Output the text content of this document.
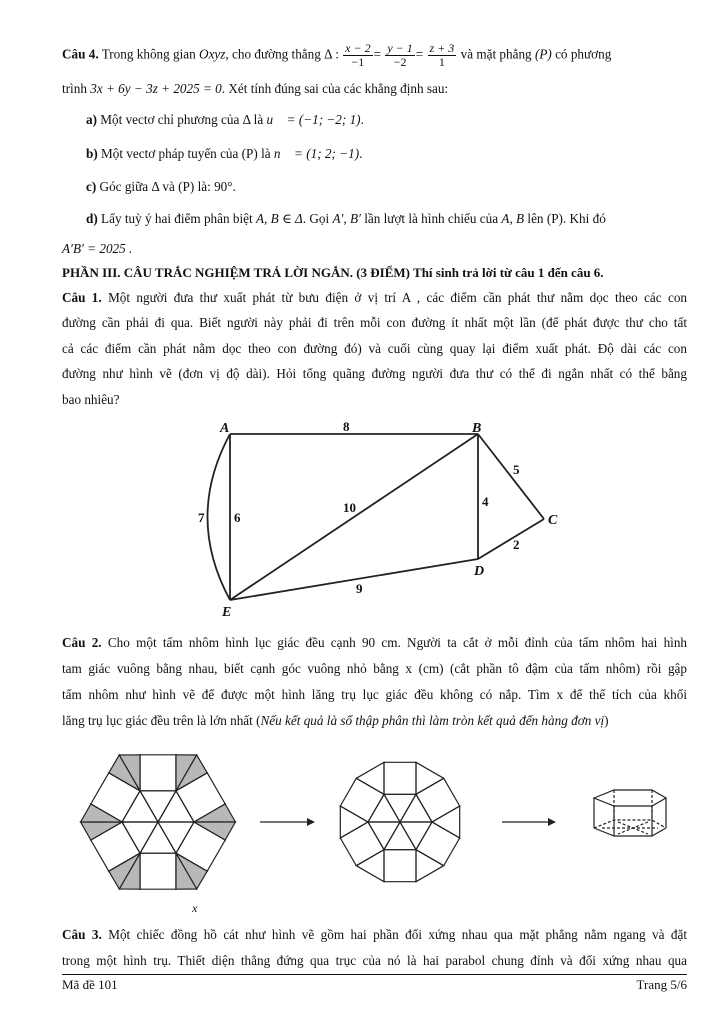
Câu 4. Trong không gian Oxyz, cho đường thẳng Δ : $\frac{x - 2}{-1} = \frac{y - 1}{-2} = \frac{z + 3}{1}$ và mặt phẳng (P) có phương
trình 3x + 6y − 3z + 2025 = 0. Xét tính đúng sai của các khẳng định sau:
a) Một vectơ chỉ phương của Δ là u⃗ = (−1; −2; 1).
b) Một vectơ pháp tuyến của (P) là n⃗ = (1; 2; −1).
c) Góc giữa Δ và (P) là: 90°.
d) Lấy tuỳ ý hai điểm phân biệt A, B ∈ Δ. Gọi A′, B′ lần lượt là hình chiếu của A, B lên (P). Khi đó
A′B′ = 2025 .
PHẦN III. CÂU TRẮC NGHIỆM TRẢ LỜI NGẮN. (3 ĐIỂM) Thí sinh trả lời từ câu 1 đến câu 6.
Câu 1. Một người đưa thư xuất phát từ bưu điện ở vị trí A , các điểm cần phát thư nằm dọc theo các con
đường cần phải đi qua. Biết người này phải đi trên mỗi con đường ít nhất một lần (để phát được thư cho tất
cả các điểm cần phát nằm dọc theo con đường đó) và cuối cùng quay lại điểm xuất phát. Độ dài các con
đường như hình vẽ (đơn vị độ dài). Hỏi tổng quãng đường người đưa thư có thể đi ngắn nhất có thể bằng
bao nhiêu?
A	B
C
D
E
8
5
4
2
10
9
6
7
Câu 2. Cho một tấm nhôm hình lục giác đều cạnh 90 cm. Người ta cắt ở mỗi đỉnh của tấm nhôm hai hình
tam giác vuông bằng nhau, biết cạnh góc vuông nhỏ bằng x (cm) (cắt phần tô đậm của tấm nhôm) rồi gập
tấm nhôm như hình vẽ để được một hình lăng trụ lục giác đều không có nắp. Tìm x để thể tích của khối
lăng trụ lục giác đều trên là lớn nhất (Nếu kết quả là số thập phân thì làm tròn kết quả đến hàng đơn vị)
x
Câu 3. Một chiếc đồng hồ cát như hình vẽ gồm hai phần đối xứng nhau qua mặt phẳng nằm ngang và đặt
trong một hình trụ. Thiết diện thẳng đứng qua trục của nó là hai parabol chung đỉnh và đối xứng nhau qua
Mã đề 101	Trang 5/6
